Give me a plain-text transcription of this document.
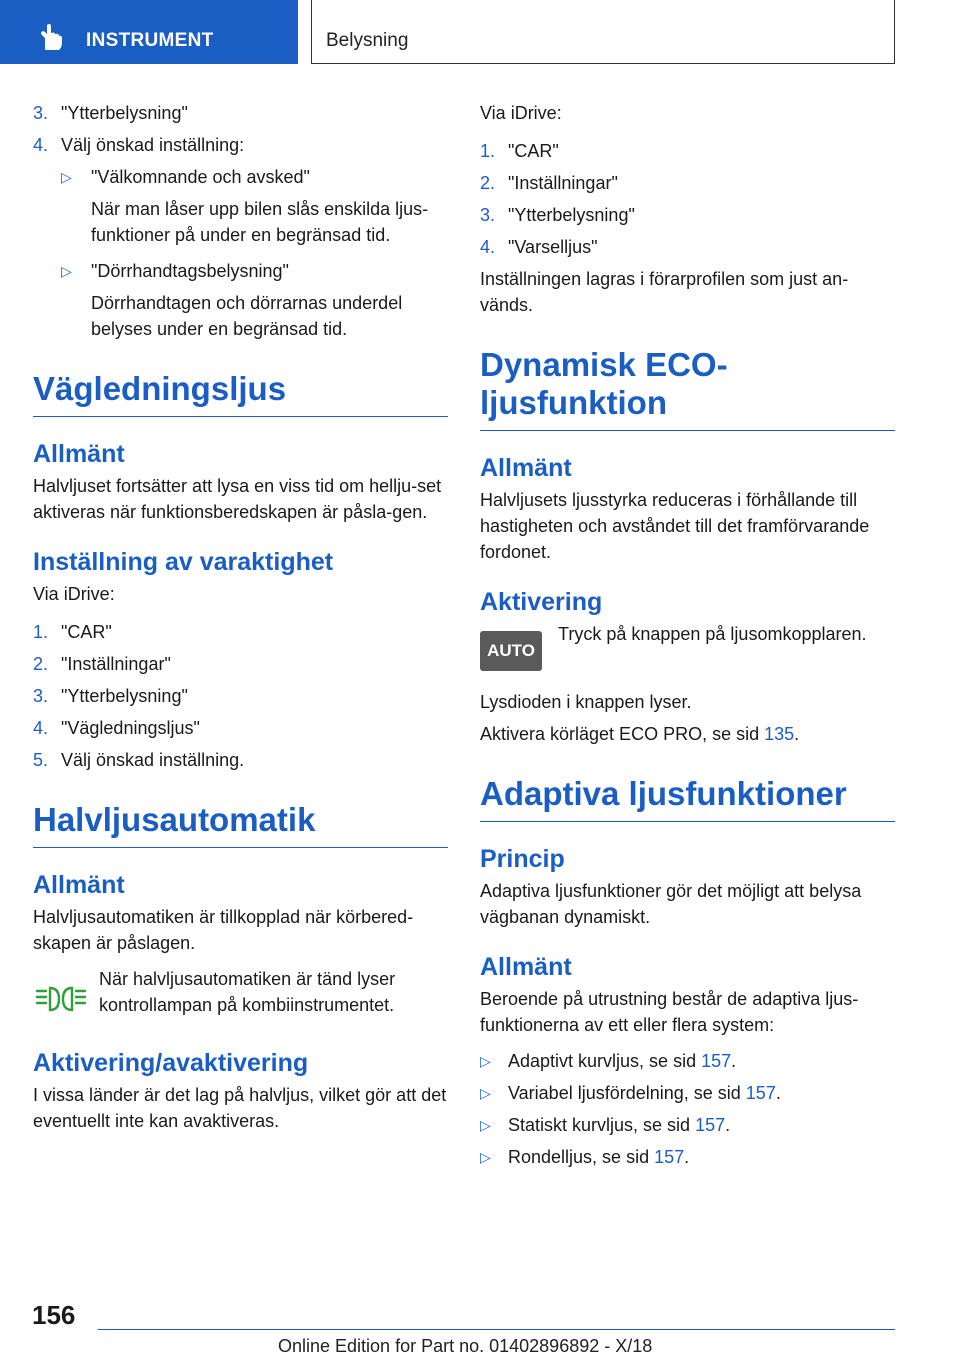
INSTRUMENT	Belysning
3. "Ytterbelysning"
4. Välj önskad inställning:
▷ "Välkomnande och avsked"
När man låser upp bilen slås enskilda ljus-funktioner på under en begränsad tid.
▷ "Dörrhandtagsbelysning"
Dörrhandtagen och dörrarnas underdel belyses under en begränsad tid.
Vägledningsljus
Allmänt

Halvljuset fortsätter att lysa en viss tid om hellju-set aktiveras när funktionsberedskapen är påsla-gen.

Inställning av varaktighet

Via iDrive:

1. "CAR"
2. "Inställningar"
3. "Ytterbelysning"
4. "Vägledningsljus"
5. Välj önskad inställning.
Halvljusautomatik
Allmänt

Halvljusautomatiken är tillkopplad när körbered-skapen är påslagen.

När halvljusautomatiken är tänd lyser kontrollampan på kombiinstrumentet.
Aktivering/avaktivering

I vissa länder är det lag på halvljus, vilket gör att det eventuellt inte kan avaktiveras.

Via iDrive:

1. "CAR"
2. "Inställningar"
3. "Ytterbelysning"
4. "Varselljus"

Inställningen lagras i förarprofilen som just an-vänds.

Dynamisk ECO-
ljusfunktion
Allmänt

Halvljusets ljusstyrka reduceras i förhållande till hastigheten och avståndet till det framförvarande fordonet.

Aktivering
AUTO
Tryck på knappen på ljusomkopplaren.

Lysdioden i knappen lyser.

Aktivera körläget ECO PRO, se sid 135.

Adaptiva ljusfunktioner
Princip

Adaptiva ljusfunktioner gör det möjligt att belysa vägbanan dynamiskt.

Allmänt

Beroende på utrustning består de adaptiva ljus-funktionerna av ett eller flera system:

▷ Adaptivt kurvljus, se sid 157.
▷ Variabel ljusfördelning, se sid 157.
▷ Statiskt kurvljus, se sid 157.
▷ Rondelljus, se sid 157.
156
Online Edition for Part no. 01402896892 - X/18
